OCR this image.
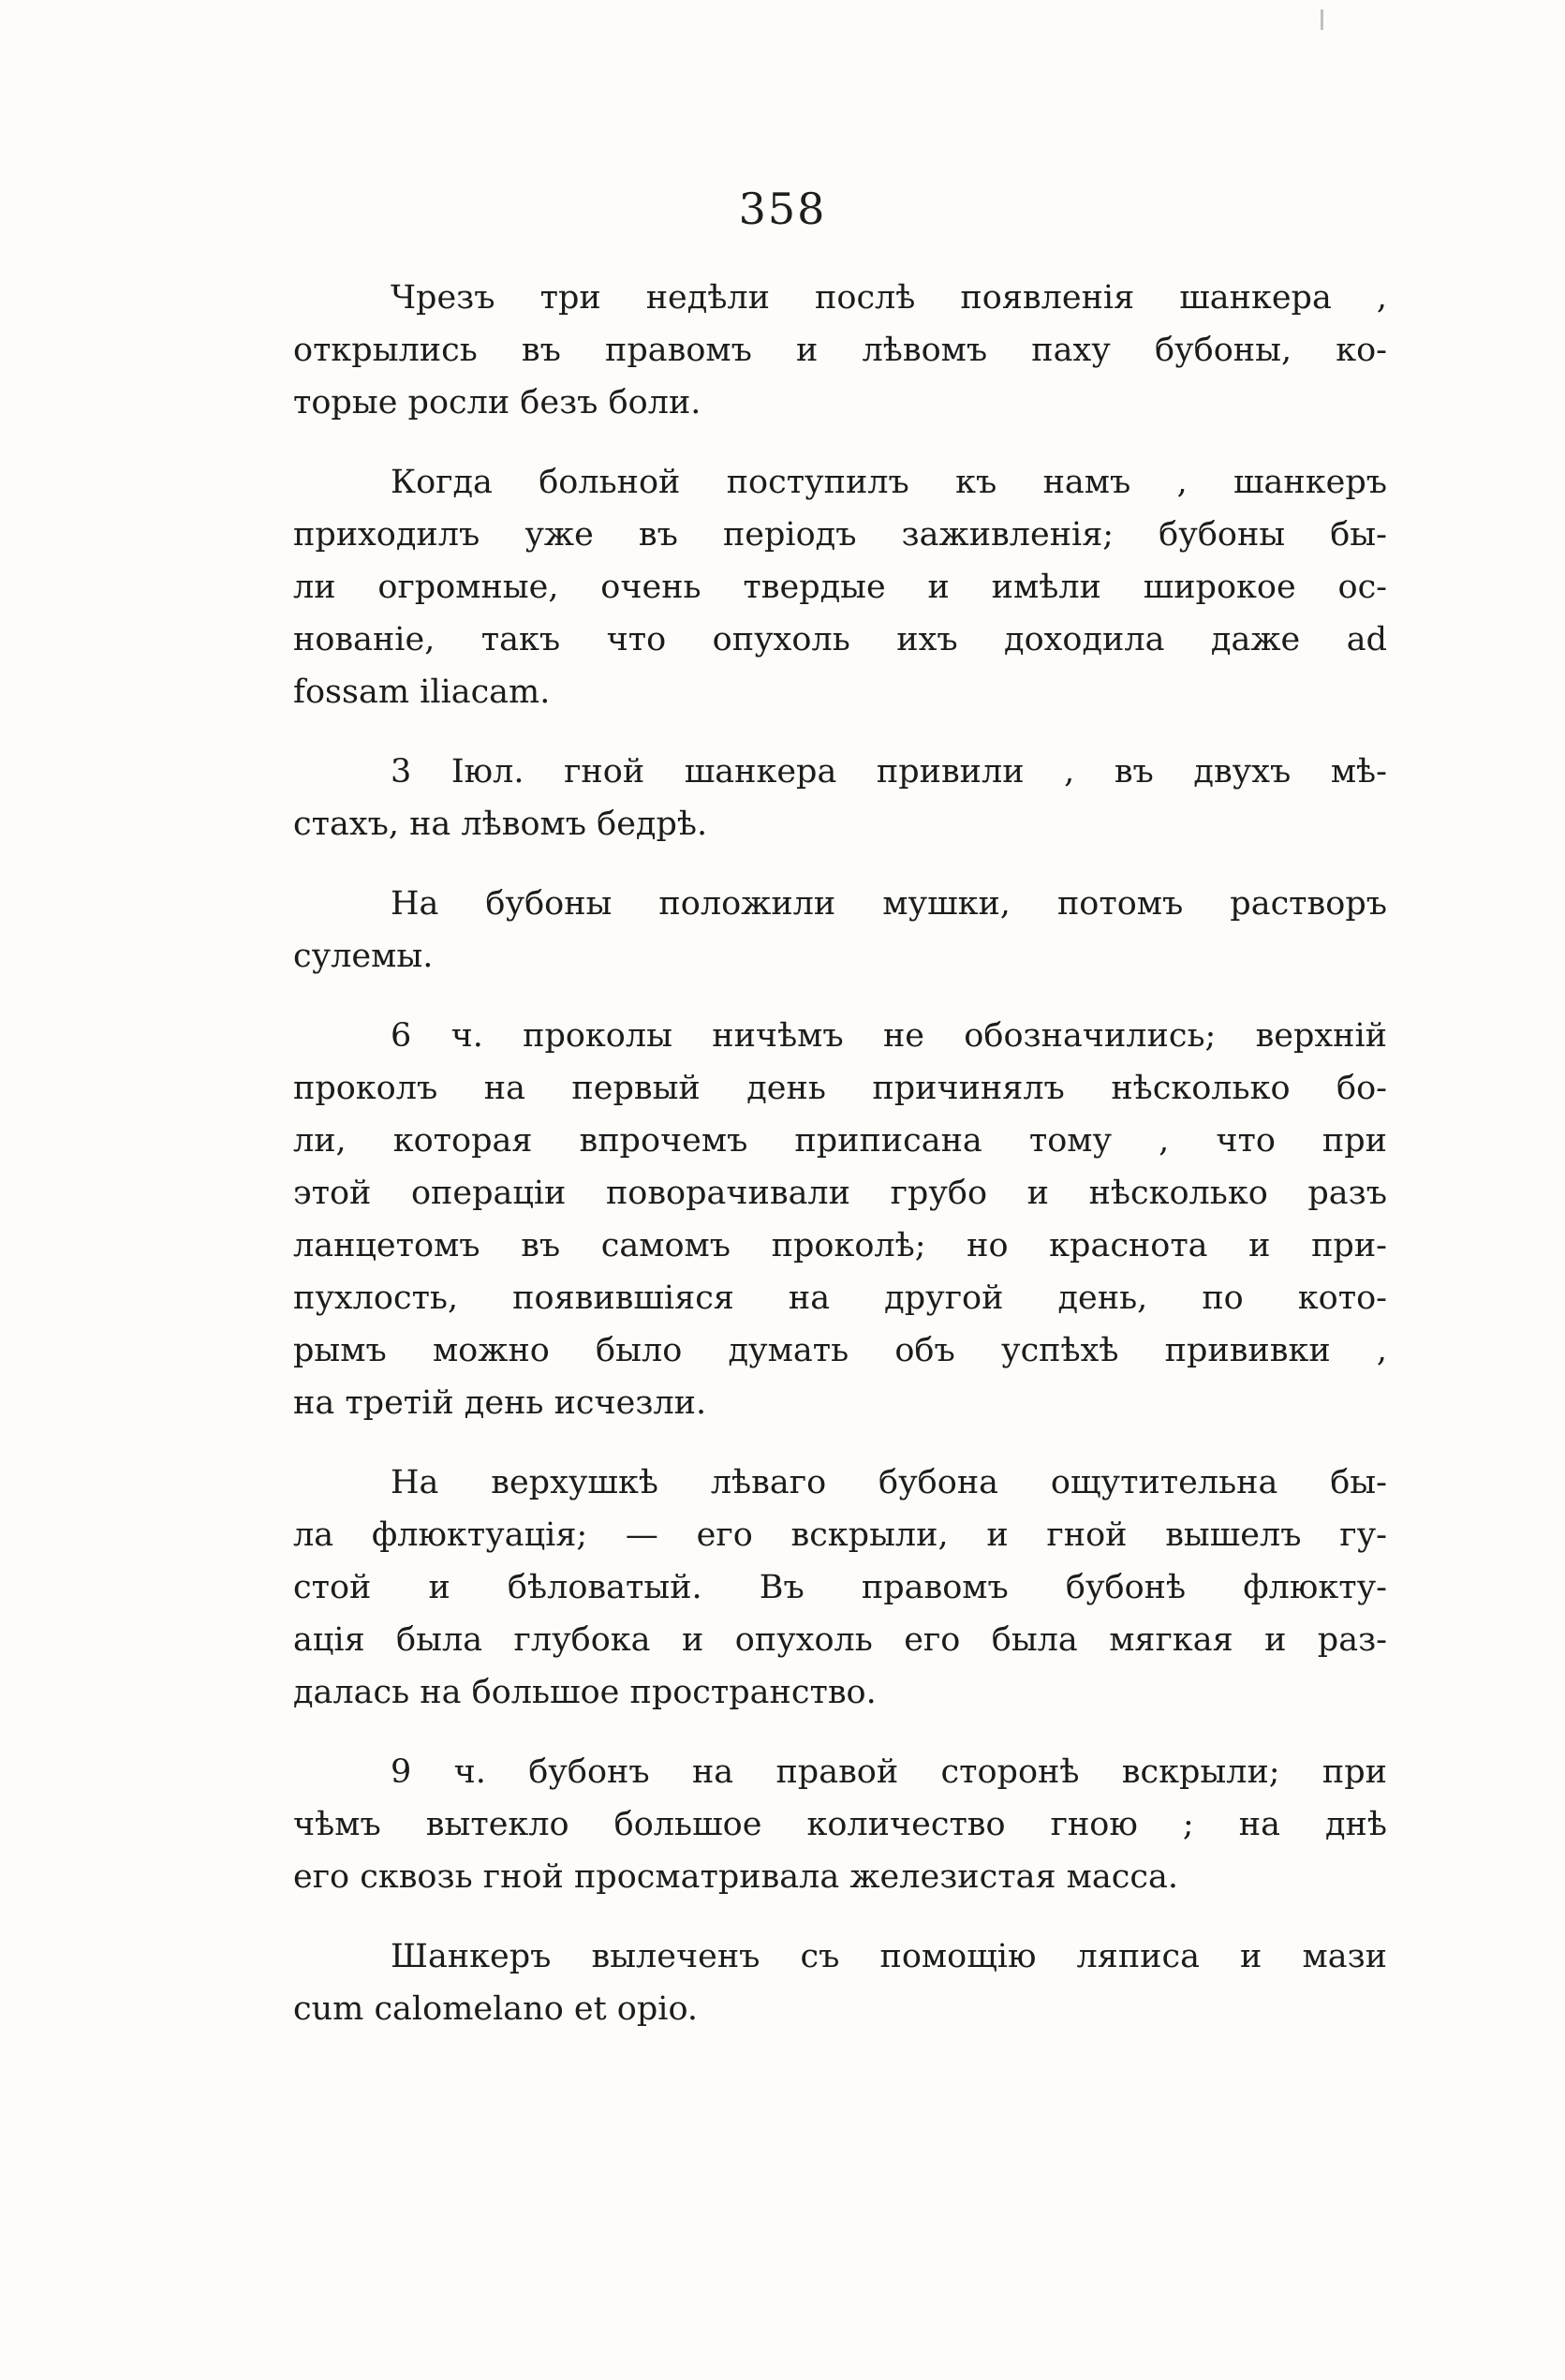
358
Чрезъ три недѣли послѣ появленія шанкера ,
открылись въ правомъ и лѣвомъ паху бубоны, ко-
торые росли безъ боли.
Когда больной поступилъ къ намъ , шанкеръ
приходилъ уже въ періодъ заживленія; бубоны бы-
ли огромные, очень твердые и имѣли широкое ос-
нованіе, такъ что опухоль ихъ доходила даже ad
fossam iliacam.
3 Іюл. гной шанкера привили , въ двухъ мѣ-
стахъ, на лѣвомъ бедрѣ.
На бубоны положили мушки, потомъ растворъ
сулемы.
6 ч. проколы ничѣмъ не обозначились; верхній
проколъ на первый день причинялъ нѣсколько бо-
ли, которая впрочемъ приписана тому , что при
этой операціи поворачивали грубо и нѣсколько разъ
ланцетомъ въ самомъ проколѣ; но краснота и при-
пухлость, появившіяся на другой день, по кото-
рымъ можно было думать объ успѣхѣ прививки ,
на третій день исчезли.
На верхушкѣ лѣваго бубона ощутительна бы-
ла флюктуація; — его вскрыли, и гной вышелъ гу-
стой и бѣловатый. Въ правомъ бубонѣ флюкту-
ація была глубока и опухоль его была мягкая и раз-
далась на большое пространство.
9 ч. бубонъ на правой сторонѣ вскрыли; при
чѣмъ вытекло большое количество гною ; на днѣ
его сквозь гной просматривала железистая масса.
Шанкеръ вылеченъ съ помощію ляписа и мази
cum calomelano et opio.
